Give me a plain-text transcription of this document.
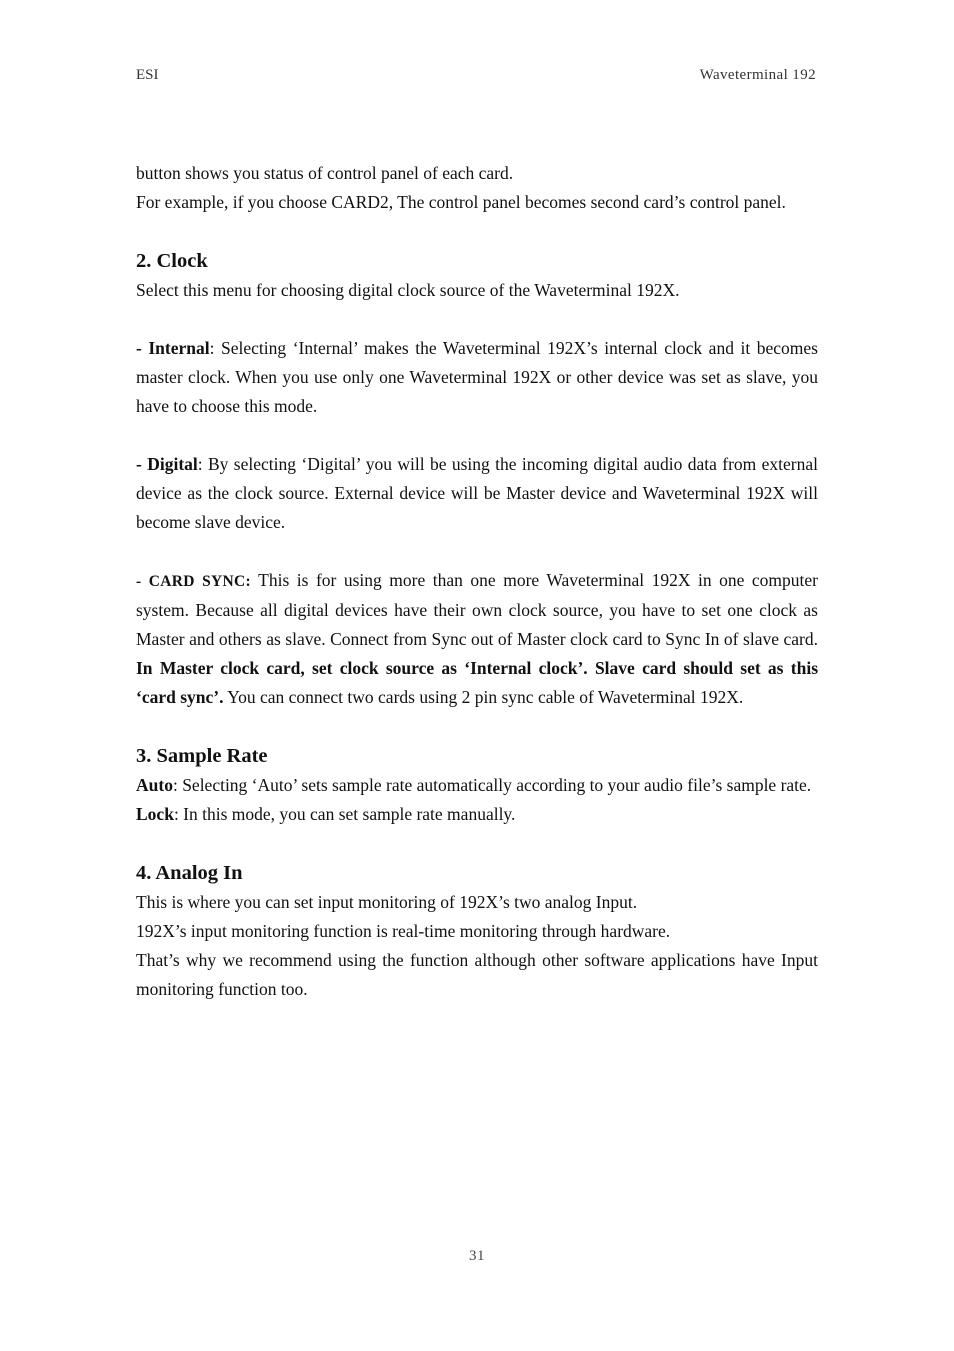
ESI	Waveterminal 192

button shows you status of control panel of each card.

For example, if you choose CARD2, The control panel becomes second card’s control panel.

2. Clock

Select this menu for choosing digital clock source of the Waveterminal 192X.

- Internal: Selecting ‘Internal’ makes the Waveterminal 192X’s internal clock and it becomes master clock. When you use only one Waveterminal 192X or other device was set as slave, you have to choose this mode.

- Digital: By selecting ‘Digital’ you will be using the incoming digital audio data from external device as the clock source. External device will be Master device and Waveterminal 192X will become slave device.

- CARD SYNC: This is for using more than one more Waveterminal 192X in one computer system. Because all digital devices have their own clock source, you have to set one clock as Master and others as slave. Connect from Sync out of Master clock card to Sync In of slave card. In Master clock card, set clock source as ‘Internal clock’. Slave card should set as this ‘card sync’. You can connect two cards using 2 pin sync cable of Waveterminal 192X.

3. Sample Rate

Auto: Selecting ‘Auto’ sets sample rate automatically according to your audio file’s sample rate.

Lock: In this mode, you can set sample rate manually.

4. Analog In

This is where you can set input monitoring of 192X’s two analog Input.

192X’s input monitoring function is real-time monitoring through hardware.

That’s why we recommend using the function although other software applications have Input monitoring function too.

31
